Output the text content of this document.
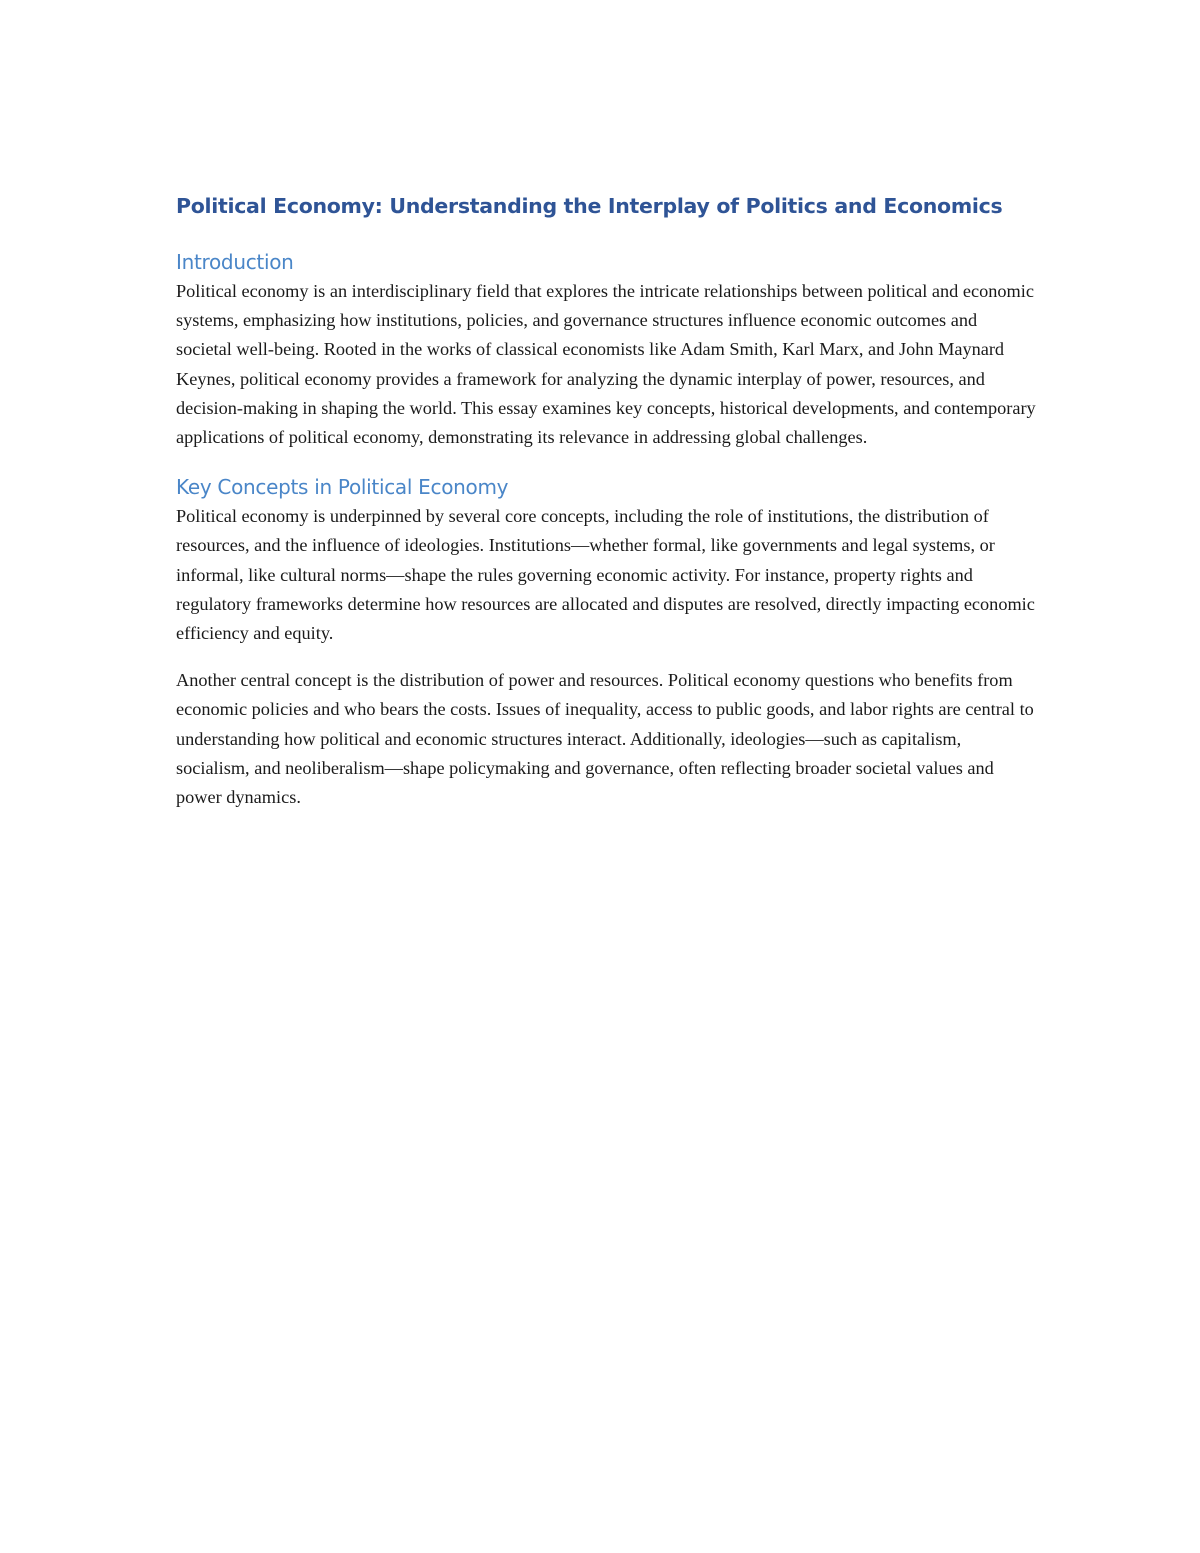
Political Economy: Understanding the Interplay of Politics and Economics
Introduction

Political economy is an interdisciplinary field that explores the intricate relationships between political and economic systems, emphasizing how institutions, policies, and governance structures influence economic outcomes and societal well-being. Rooted in the works of classical economists like Adam Smith, Karl Marx, and John Maynard Keynes, political economy provides a framework for analyzing the dynamic interplay of power, resources, and decision-making in shaping the world. This essay examines key concepts, historical developments, and contemporary applications of political economy, demonstrating its relevance in addressing global challenges.

Key Concepts in Political Economy

Political economy is underpinned by several core concepts, including the role of institutions, the distribution of resources, and the influence of ideologies. Institutions—whether formal, like governments and legal systems, or informal, like cultural norms—shape the rules governing economic activity. For instance, property rights and regulatory frameworks determine how resources are allocated and disputes are resolved, directly impacting economic efficiency and equity.

Another central concept is the distribution of power and resources. Political economy questions who benefits from economic policies and who bears the costs. Issues of inequality, access to public goods, and labor rights are central to understanding how political and economic structures interact. Additionally, ideologies—such as capitalism, socialism, and neoliberalism—shape policymaking and governance, often reflecting broader societal values and power dynamics.
